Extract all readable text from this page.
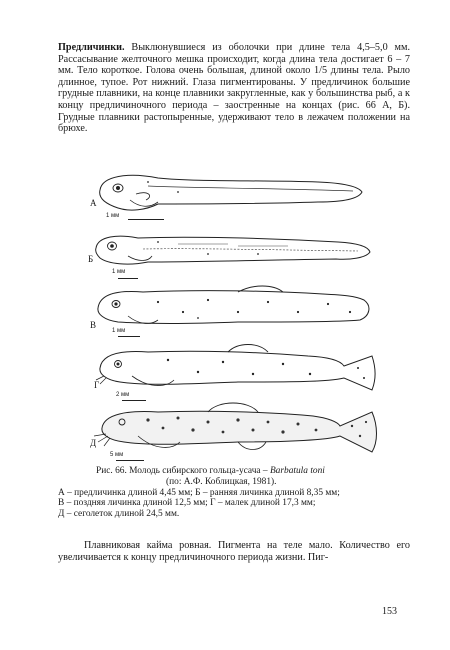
Предличинки. Выклюнувшиеся из оболочки при длине тела 4,5–5,0 мм. Рассасывание желточного мешка происходит, когда длина тела достигает 6 – 7 мм. Тело короткое. Голова очень большая, длиной около 1/5 длины тела. Рыло длинное, тупое. Рот нижний. Глаза пигментированы. У предличинок большие грудные плавники, на конце плавники закругленные, как у большинства рыб, а к концу предличиночного периода – заостренные на концах (рис. 66 А, Б). Грудные плавники растопыренные, удерживают тело в лежачем положении на брюхе.

А
1 мм
Б
1 мм
В
1 мм
Г
2 мм
Д
5 мм

Рис. 66. Молодь сибирского гольца-усача – Barbatula toni
(по: А.Ф. Коблицкая, 1981).
А – предличинка длиной 4,45 мм; Б – ранняя личинка длиной 8,35 мм;
В – поздняя личинка длиной 12,5 мм; Г – малек длиной 17,3 мм;
Д – сеголеток длиной 24,5 мм.

Плавниковая кайма ровная. Пигмента на теле мало. Количество его увеличивается к концу предличиночного периода жизни. Пиг-

153
